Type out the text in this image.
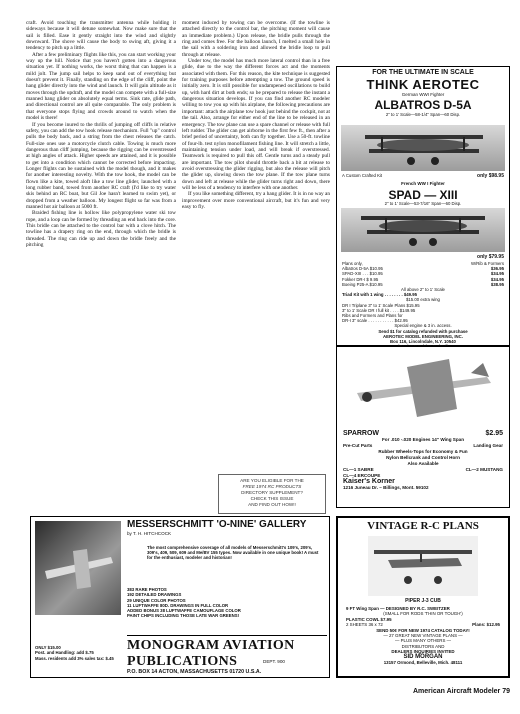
craft. Avoid touching the transmitter antenna while holding it sideways because it will detune somewhat. Now make sure that the sail is filled. Ease it gently straight into the wind and slightly downward. The shove will cause the body to swing aft, giving it a tendency to pitch up a little.

After a few preliminary flights like this, you can start working your way up the hill. Notice that you haven't gotten into a dangerous situation yet. If nothing works, the worst thing that can happen is a mild jolt. The jump sail helps to keep sand out of everything but doesn't prevent it. Finally, standing on the edge of the cliff, point the hang glider directly into the wind and launch. It will gain altitude as it moves through the updraft, and the model can compete with a full-size manned hang glider on absolutely equal terms. Sink rate, glide path, and directional control are all quite comparable. The only problem is that everyone stops flying and crowds around to watch when the model is there!

If you become inured to the thrills of jumping off cliffs in relative safety, you can add the tow hook release mechanism. Full "up" control pulls the body back, and a string from the chest releases the catch. Full-size ones use a motorcycle clutch cable. Towing is much more dangerous than cliff jumping, because the rigging can be overstressed at high angles of attack. Higher speeds are attained, and it is possible to get into a condition which cannot be corrected before impacting. Longer flights can be sustained with the model though, and it makes for another interesting novelty. With the tow hook, the model can be flown like a kite, towed aloft like a tow line glider, launched with a long rubber band, towed from another RC craft (I'd like to try water skis behind an RC boat, but Gil Joe hasn't learned to swim yet), or dropped from a weather balloon. My longest flight so far was from a manned hot air balloon at 5000 ft.

Braided fishing line is hollow like polypropylene water ski tow rope, and a loop can be formed by threading an end back into the core. This bridle can be attached to the control bar with a clove hitch. The towline has a drapery ring on the end, through which the bridle is threaded. The ring can ride up and down the bridle freely and the pitching

moment induced by towing can be overcome. (If the towline is attached directly to the control bar, the pitching moment will cause an immediate problem.) Upon release, the bridle pulls through the ring and comes free. For the balloon launch, I melted a small hole in the sail with a soldering iron and allowed the bridle loop to pull through at release.

Under tow, the model has much more lateral control than in a free glide, due to the way the different forces act and the moments associated with them. For this reason, the kite technique is suggested for training purposes before attempting a tow. The ground speed is initially zero. It is still possible for undampened oscillations to build up, with hard dirt at both ends; so be prepared to release the instant a dangerous situation develops. If you can find another RC modeler willing to tow you up with his airplane, the following precautions are important: attach the airplane tow hook just behind the cockpit, not at the tail. Also, arrange for either end of the line to be released in an emergency. The tow plane can use a spare channel or release with full left rudder. The glider can get airborne in the first few ft., then after a brief period of uncertainty, both can fly together. Use a 50-ft. towline of four-lb. test nylon monofilament fishing line. It will stretch a little, maintaining tension under load, and will break if overstressed. Teamwork is required to pull this off. Gentle turns and a steady pull are important. The tow pilot should throttle back a bit at release to avoid overstressing the glider rigging, but also the release will pitch the glider up, slowing down the tow plane. If the tow plane turns down and left at release while the glider turns right and down, there will be less of a tendency to interfere with one another.

If you like something different, try a hang glider. It is in no way an improvement over more conventional aircraft, but it's fun and very easy to fly.

FOR THE ULTIMATE IN SCALE
THINK AEROTEC
German WWI Fighter
ALBATROS D-5A
2" to 1' Scale—58-1/4" Span—60 Disp.
A Custom Crafted Kit	only $98.95
French WW I Fighter
SPAD — XIII
2" to 1' Scale—53-7/16" Span—60 Disp.
only $79.95
Plans only,	W/Rib & Formers
Albatros D-5A $10.95	$36.95
SPAD-XIII . . . $10.95	$34.95
Fokker DR-I $ 9.95	$34.95
Boeing P25-A $10.95	$38.95
All above 2" to 1' Scale
Triad Kit with 1 wing . . . . . . . . $49.95
$15.00 extra wing
DR I Triplane 3" to 1' Scale Plans $15.95
3" to 1' Scale DR I full kit . . . . $149.95
Ribs and Formers and Plans for
DR-I 3" scale . . . . . . . . . . . $42.95
Special engine & 3 in. access.
Send $1 for catalog refunded with purchase
AEROTEC MODEL ENGINEERING, INC.
Box 116, Lincolndale, N.Y. 10540
SPARROW	$2.95
For .010 -.020 Engines 14" Wing Span
Pre-Cut Parts	Landing Gear
Rubber Wheels-Tops for Economy & Fun
Nylon Bellcrank and Control Horn
Also Available
CL—1 SABRE	CL—2 MUSTANG
CL—4 ERCOUPE
Kaiser's Korner
1216 Juneau Dr. – Billings, Mont. 59102
ARE YOU ELIGIBLE FOR THE
FREE 1974 RC PRODUCTS
DIRECTORY SUPPLEMENT?
CHECK THIS ISSUE
AND FIND OUT HOW!!
MESSERSCHMITT 'O-NINE' GALLERY
by T. H. HITCHCOCK
The most comprehensive coverage of all models of Messerschmitt's 109's, 209's, 309's, 409, 509, 609 and Me/BV 155 types. Now available in one unique book! A must for the enthusiast, modeler and historian!
383 RARE PHOTOS
192 DETAILED DRAWINGS
29 UNIQUE COLOR PHOTOS
11 LUFTWAFFE 80D. DRAWINGS IN FULL COLOR
ADDED BONUS 38 LUFTWAFFE CAMOUFLAGE COLOR
PAINT CHIPS INCLUDING THOSE LATE WAR GREENS!
ONLY $15.00
Post. and Handling: add $.75
Mass. residents add 3% sales tax: $.45
MONOGRAM AVIATION
PUBLICATIONS	DEPT. 900
P.O. BOX 14 ACTON, MASSACHUSETTS 01720 U.S.A.
VINTAGE R-C PLANS
PIPER J-3 CUB
9 FT Wing Span — DESIGNED BY R.C. SWEITZER
(SMALL FOR RODS 'THIN OR TOUGH')
PLASTIC COWL $7.95
2 SHEETS 36 x 72	Plans: $12.95
SEND 50¢ FOR NEW 1974 CATALOG TODAY!
— 27 GREAT NEW VINTAGE PLANS —
— PLUS MANY OTHERS —
DISTRIBUTORS AND
DEALERS INQUIRIES INVITED
SID MORGAN
13157 Ormond, Belleville, Mich. 48111
American Aircraft Modeler 79
